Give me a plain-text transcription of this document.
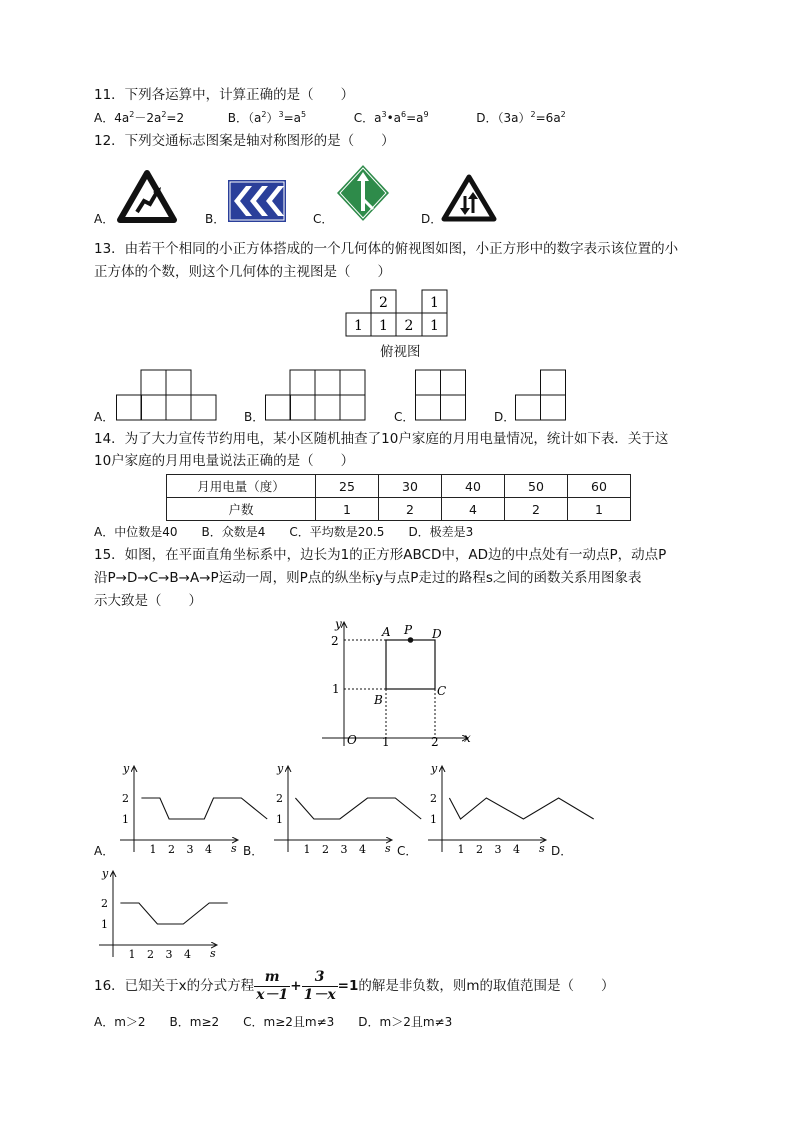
11．下列各运算中，计算正确的是（　　）
A．$4a^2-2a^2=2$	B．$(a^2)^3=a^5$	C．$a^3•a^6=a^9$	D．$(3a)^2=6a^2$
12．下列交通标志图案是轴对称图形的是（　　）
A．	B．	C．	D．
13．由若干个相同的小正方体搭成的一个几何体的俯视图如图，小正方形中的数字表示该位置的小
正方体的个数，则这个几何体的主视图是（　　）
2	1
1 1 2 1
俯视图
A．	B．	C．	D．
14．为了大力宣传节约用电，某小区随机抽查了10户家庭的月用电量情况，统计如下表．关于这
10户家庭的月用电量说法正确的是（　　）
月用电量（度）	25	30	40	50	60
户数	1	2	4	2	1
A．中位数是40　　B．众数是4　　C．平均数是20.5　　D．极差是3
15．如图，在平面直角坐标系中，边长为1的正方形ABCD中，AD边的中点处有一动点P，动点P
沿P→D→C→B→A→P运动一周，则P点的纵坐标y与点P走过的路程s之间的函数关系用图象表
示大致是（　　）
y
x
O
A P D
B
C
2
1
1	2
A．	B．	C．	D．
y
s
2
1
1 2 3 4
y
s
2
1
1 2 3 4
y
s
2
1
1 2 3 4
y
s
2
1
1 2 3 4
16．已知关于x的分式方程 $\frac{m}{x-1} + \frac{3}{1-x} =1$的解是非负数，则m的取值范围是（　　）
A．m＞2　　B．m≥2　　C．m≥2且m≠3　　D．m＞2且m≠3
